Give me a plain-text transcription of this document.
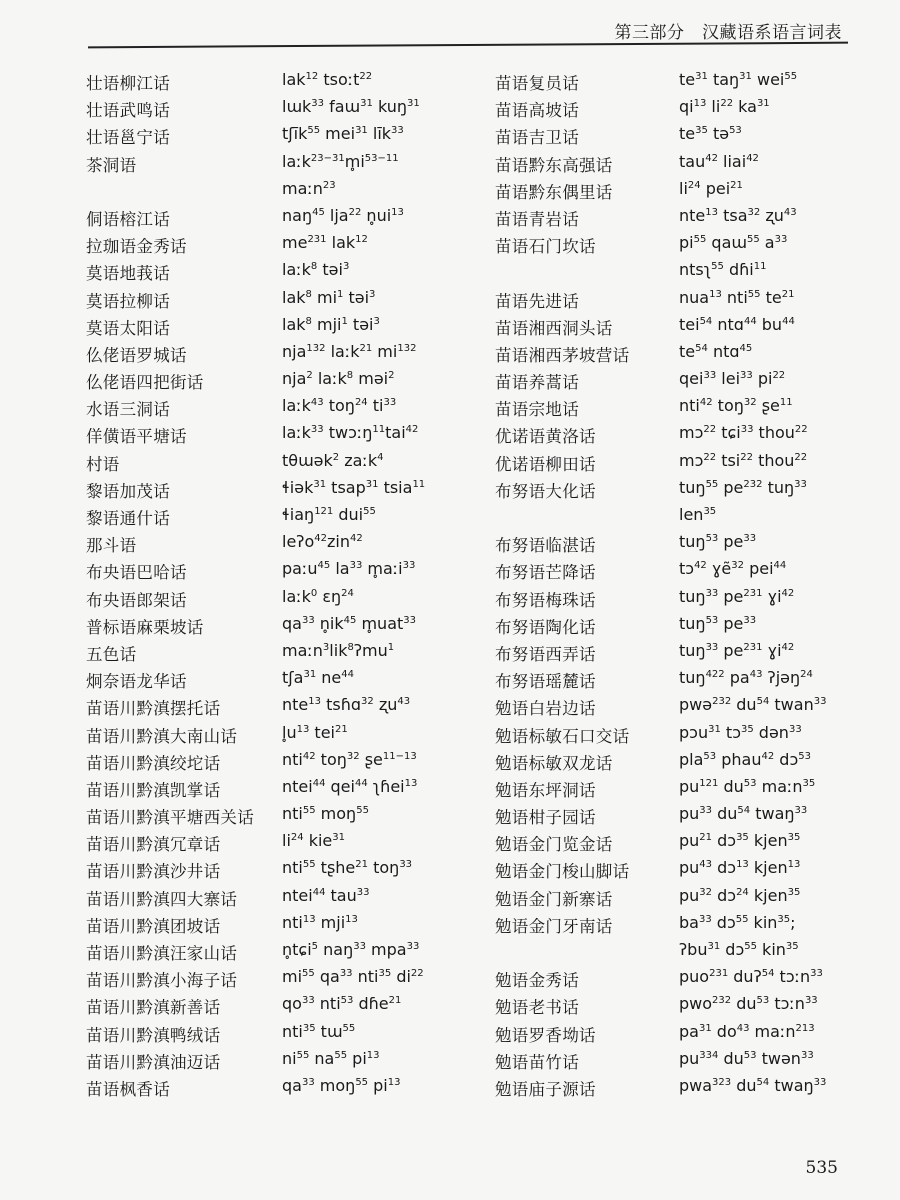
第三部分　汉藏语系语言词表
壮语柳江话	lak$^{12}$ tsoːt$^{22}$
壮语武鸣话	lɯk$^{33}$ faɯ$^{31}$ kuŋ$^{31}$
壮语邕宁话	tʃīk$^{55}$ mei$^{31}$ līk$^{33}$
茶洞语	$laːk^{23-31}m̥i^{53-11}$
maːn$^{23}$
侗语榕江话	naŋ$^{45}$ lja$^{22}$ $n̥ui^{13}$
拉珈语金秀话	$me^{231}$ lak$^{12}$
莫语地莪话	laːk$^8$ təi$^3$
莫语拉柳话	lak$^8$ $mi^1$ təi$^3$
莫语太阳话	lak$^8$ mji$^1$ təi$^3$
仫佬语罗城话	nja$^{132}$ laːk$^{21}$ $mi^{132}$
仫佬语四把街话	nja$^2$ laːk$^8$ məi$^2$
水语三洞话	laːk$^{43}$ toŋ$^{24}$ $ti^{33}$
佯僙语平塘话	laːk$^{33}$ twɔːŋ$^{11}$tai$^{42}$
村语	tθɯək$^2$ zaːk$^4$
黎语加茂话	ɬiək$^{31}$ tsap$^{31}$ tsia$^{11}$
黎语通什话	ɬiaŋ$^{121}$ dui$^{55}$
那斗语	leʔo$^{42}$zin$^{42}$
布央语巴哈话	paːu$^{45}$ $la^{33}$ m̥aːi$^{33}$
布央语郎架话	laːk$^0$ ɛŋ$^{24}$
普标语麻栗坡话	$qa^{33}$ $n̥ik^{45}$ m̥uat$^{33}$
五色话	maːn$^3$lik$^8$ʔmu$^1$
炯奈语龙华话	tʃa$^{31}$ $ne^{44}$
苗语川黔滇摆托话	nte$^{13}$ tsɦɑ$^{32}$ ʐu$^{43}$
苗语川黔滇大南山话	$l̥u^{13}$ tei$^{21}$
苗语川黔滇绞坨话	nti$^{42}$ toŋ$^{32}$ ʂe$^{11-13}$
苗语川黔滇凯掌话	ntei$^{44}$ qei$^{44}$ ʅɦei$^{13}$
苗语川黔滇平塘西关话 nti$^{55}$ moŋ$^{55}$
苗语川黔滇冗章话	$li^{24}$ kie$^{31}$
苗语川黔滇沙井话	nti$^{55}$ tʂhe$^{21}$ toŋ$^{33}$
苗语川黔滇四大寨话	ntei$^{44}$ tau$^{33}$
苗语川黔滇团坡话	nti$^{13}$ mji$^{13}$
苗语川黔滇汪家山话	n̥tɕi$^5$ naŋ$^{33}$ mpa$^{33}$
苗语川黔滇小海子话	$mi^{55}$ $qa^{33}$ nti$^{35}$ $di^{22}$
苗语川黔滇新善话	$qo^{33}$ nti$^{53}$ dɦe$^{21}$
苗语川黔滇鸭绒话	nti$^{35}$ tɯ$^{55}$
苗语川黔滇油迈话	$ni^{55}$ $na^{55}$ $pi^{13}$
苗语枫香话	$qa^{33}$ moŋ$^{55}$ $pi^{13}$
苗语复员话	$te^{31}$ taŋ$^{31}$ wei$^{55}$
苗语高坡话	$qi^{13}$ $li^{22}$ $ka^{31}$
苗语吉卫话	$te^{35}$ tə$^{53}$
苗语黔东高强话	tau$^{42}$ liai$^{42}$
苗语黔东偶里话	$li^{24}$ pei$^{21}$
苗语青岩话	nte$^{13}$ tsa$^{32}$ ʐu$^{43}$
苗语石门坎话	$pi^{55}$ qaɯ$^{55}$ $a^{33}$
ntsʅ$^{55}$ dɦi$^{11}$
苗语先进话	nua$^{13}$ nti$^{55}$ $te^{21}$
苗语湘西洞头话	tei$^{54}$ ntɑ$^{44}$ $bu^{44}$
苗语湘西茅坡营话	$te^{54}$ ntɑ$^{45}$
苗语养蒿话	qei$^{33}$ lei$^{33}$ $pi^{22}$
苗语宗地话	nti$^{42}$ toŋ$^{32}$ ʂe$^{11}$
优诺语黄洛话	mɔ$^{22}$ tɕi$^{33}$ thou$^{22}$
优诺语柳田话	mɔ$^{22}$ tsi$^{22}$ thou$^{22}$
布努语大化话	tuŋ$^{55}$ $pe^{232}$ tuŋ$^{33}$
len$^{35}$
布努语临湛话	tuŋ$^{53}$ $pe^{33}$
布努语芒降话	tɔ$^{42}$ ɣẽ$^{32}$ pei$^{44}$
布努语梅珠话	tuŋ$^{33}$ $pe^{231}$ ɣi$^{42}$
布努语陶化话	tuŋ$^{53}$ $pe^{33}$
布努语西弄话	tuŋ$^{33}$ $pe^{231}$ ɣi$^{42}$
布努语瑶麓话	tuŋ$^{422}$ $pa^{43}$ ʔjəŋ$^{24}$
勉语白岩边话	pwə$^{232}$ $du^{54}$ twan$^{33}$
勉语标敏石口交话	pɔu$^{31}$ tɔ$^{35}$ dən$^{33}$
勉语标敏双龙话	pla$^{53}$ phau$^{42}$ dɔ$^{53}$
勉语东坪洞话	$pu^{121}$ $du^{53}$ maːn$^{35}$
勉语柑子园话	$pu^{33}$ $du^{54}$ twaŋ$^{33}$
勉语金门览金话	$pu^{21}$ dɔ$^{35}$ kjen$^{35}$
勉语金门梭山脚话	$pu^{43}$ dɔ$^{13}$ kjen$^{13}$
勉语金门新寨话	$pu^{32}$ dɔ$^{24}$ kjen$^{35}$
勉语金门牙南话	$ba^{33}$ dɔ$^{55}$ kin$^{35}$;
ʔbu$^{31}$ dɔ$^{55}$ kin$^{35}$
勉语金秀话	puo$^{231}$ duʔ$^{54}$ tɔːn$^{33}$
勉语老书话	pwo$^{232}$ $du^{53}$ tɔːn$^{33}$
勉语罗香坳话	$pa^{31}$ $do^{43}$ maːn$^{213}$
勉语苗竹话	$pu^{334}$ $du^{53}$ twən$^{33}$
勉语庙子源话	pwa$^{323}$ $du^{54}$ twaŋ$^{33}$
535
